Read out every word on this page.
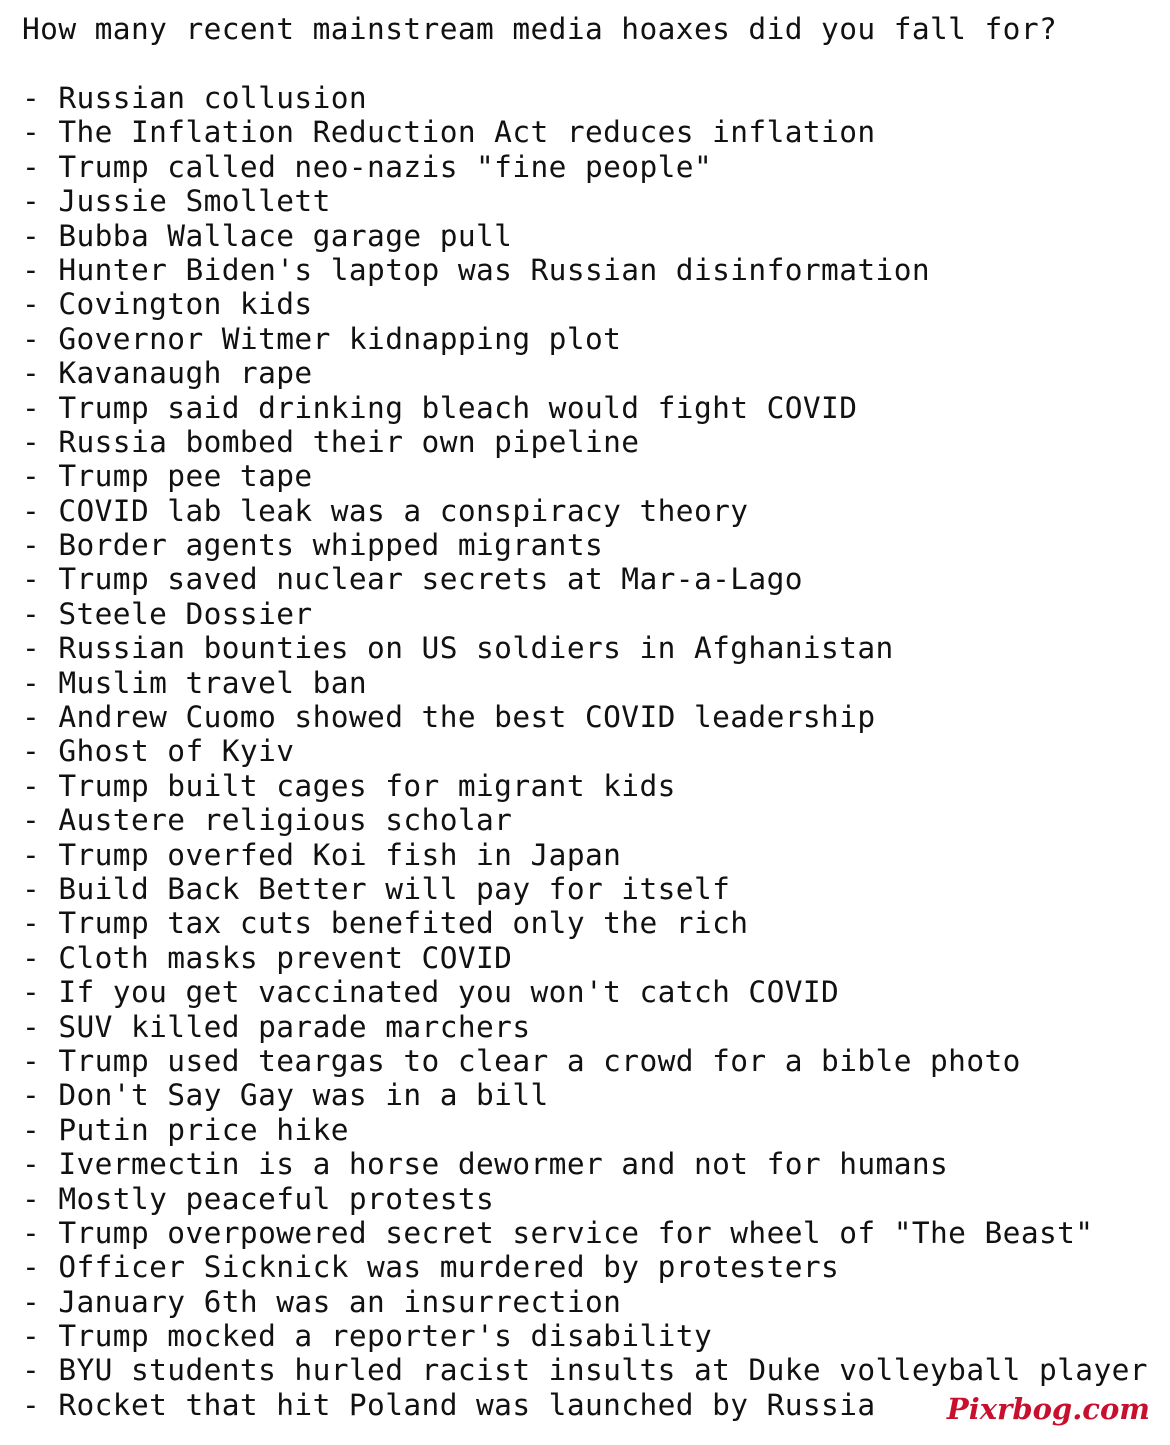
How many recent mainstream media hoaxes did you fall for?
- Russian collusion
- The Inflation Reduction Act reduces inflation
- Trump called neo-nazis "fine people"
- Jussie Smollett
- Bubba Wallace garage pull
- Hunter Biden's laptop was Russian disinformation
- Covington kids
- Governor Witmer kidnapping plot
- Kavanaugh rape
- Trump said drinking bleach would fight COVID
- Russia bombed their own pipeline
- Trump pee tape
- COVID lab leak was a conspiracy theory
- Border agents whipped migrants
- Trump saved nuclear secrets at Mar-a-Lago
- Steele Dossier
- Russian bounties on US soldiers in Afghanistan
- Muslim travel ban
- Andrew Cuomo showed the best COVID leadership
- Ghost of Kyiv
- Trump built cages for migrant kids
- Austere religious scholar
- Trump overfed Koi fish in Japan
- Build Back Better will pay for itself
- Trump tax cuts benefited only the rich
- Cloth masks prevent COVID
- If you get vaccinated you won't catch COVID
- SUV killed parade marchers
- Trump used teargas to clear a crowd for a bible photo
- Don't Say Gay was in a bill
- Putin price hike
- Ivermectin is a horse dewormer and not for humans
- Mostly peaceful protests
- Trump overpowered secret service for wheel of "The Beast"
- Officer Sicknick was murdered by protesters
- January 6th was an insurrection
- Trump mocked a reporter's disability
- BYU students hurled racist insults at Duke volleyball player
- Rocket that hit Poland was launched by Russia	Pixrbog.com
